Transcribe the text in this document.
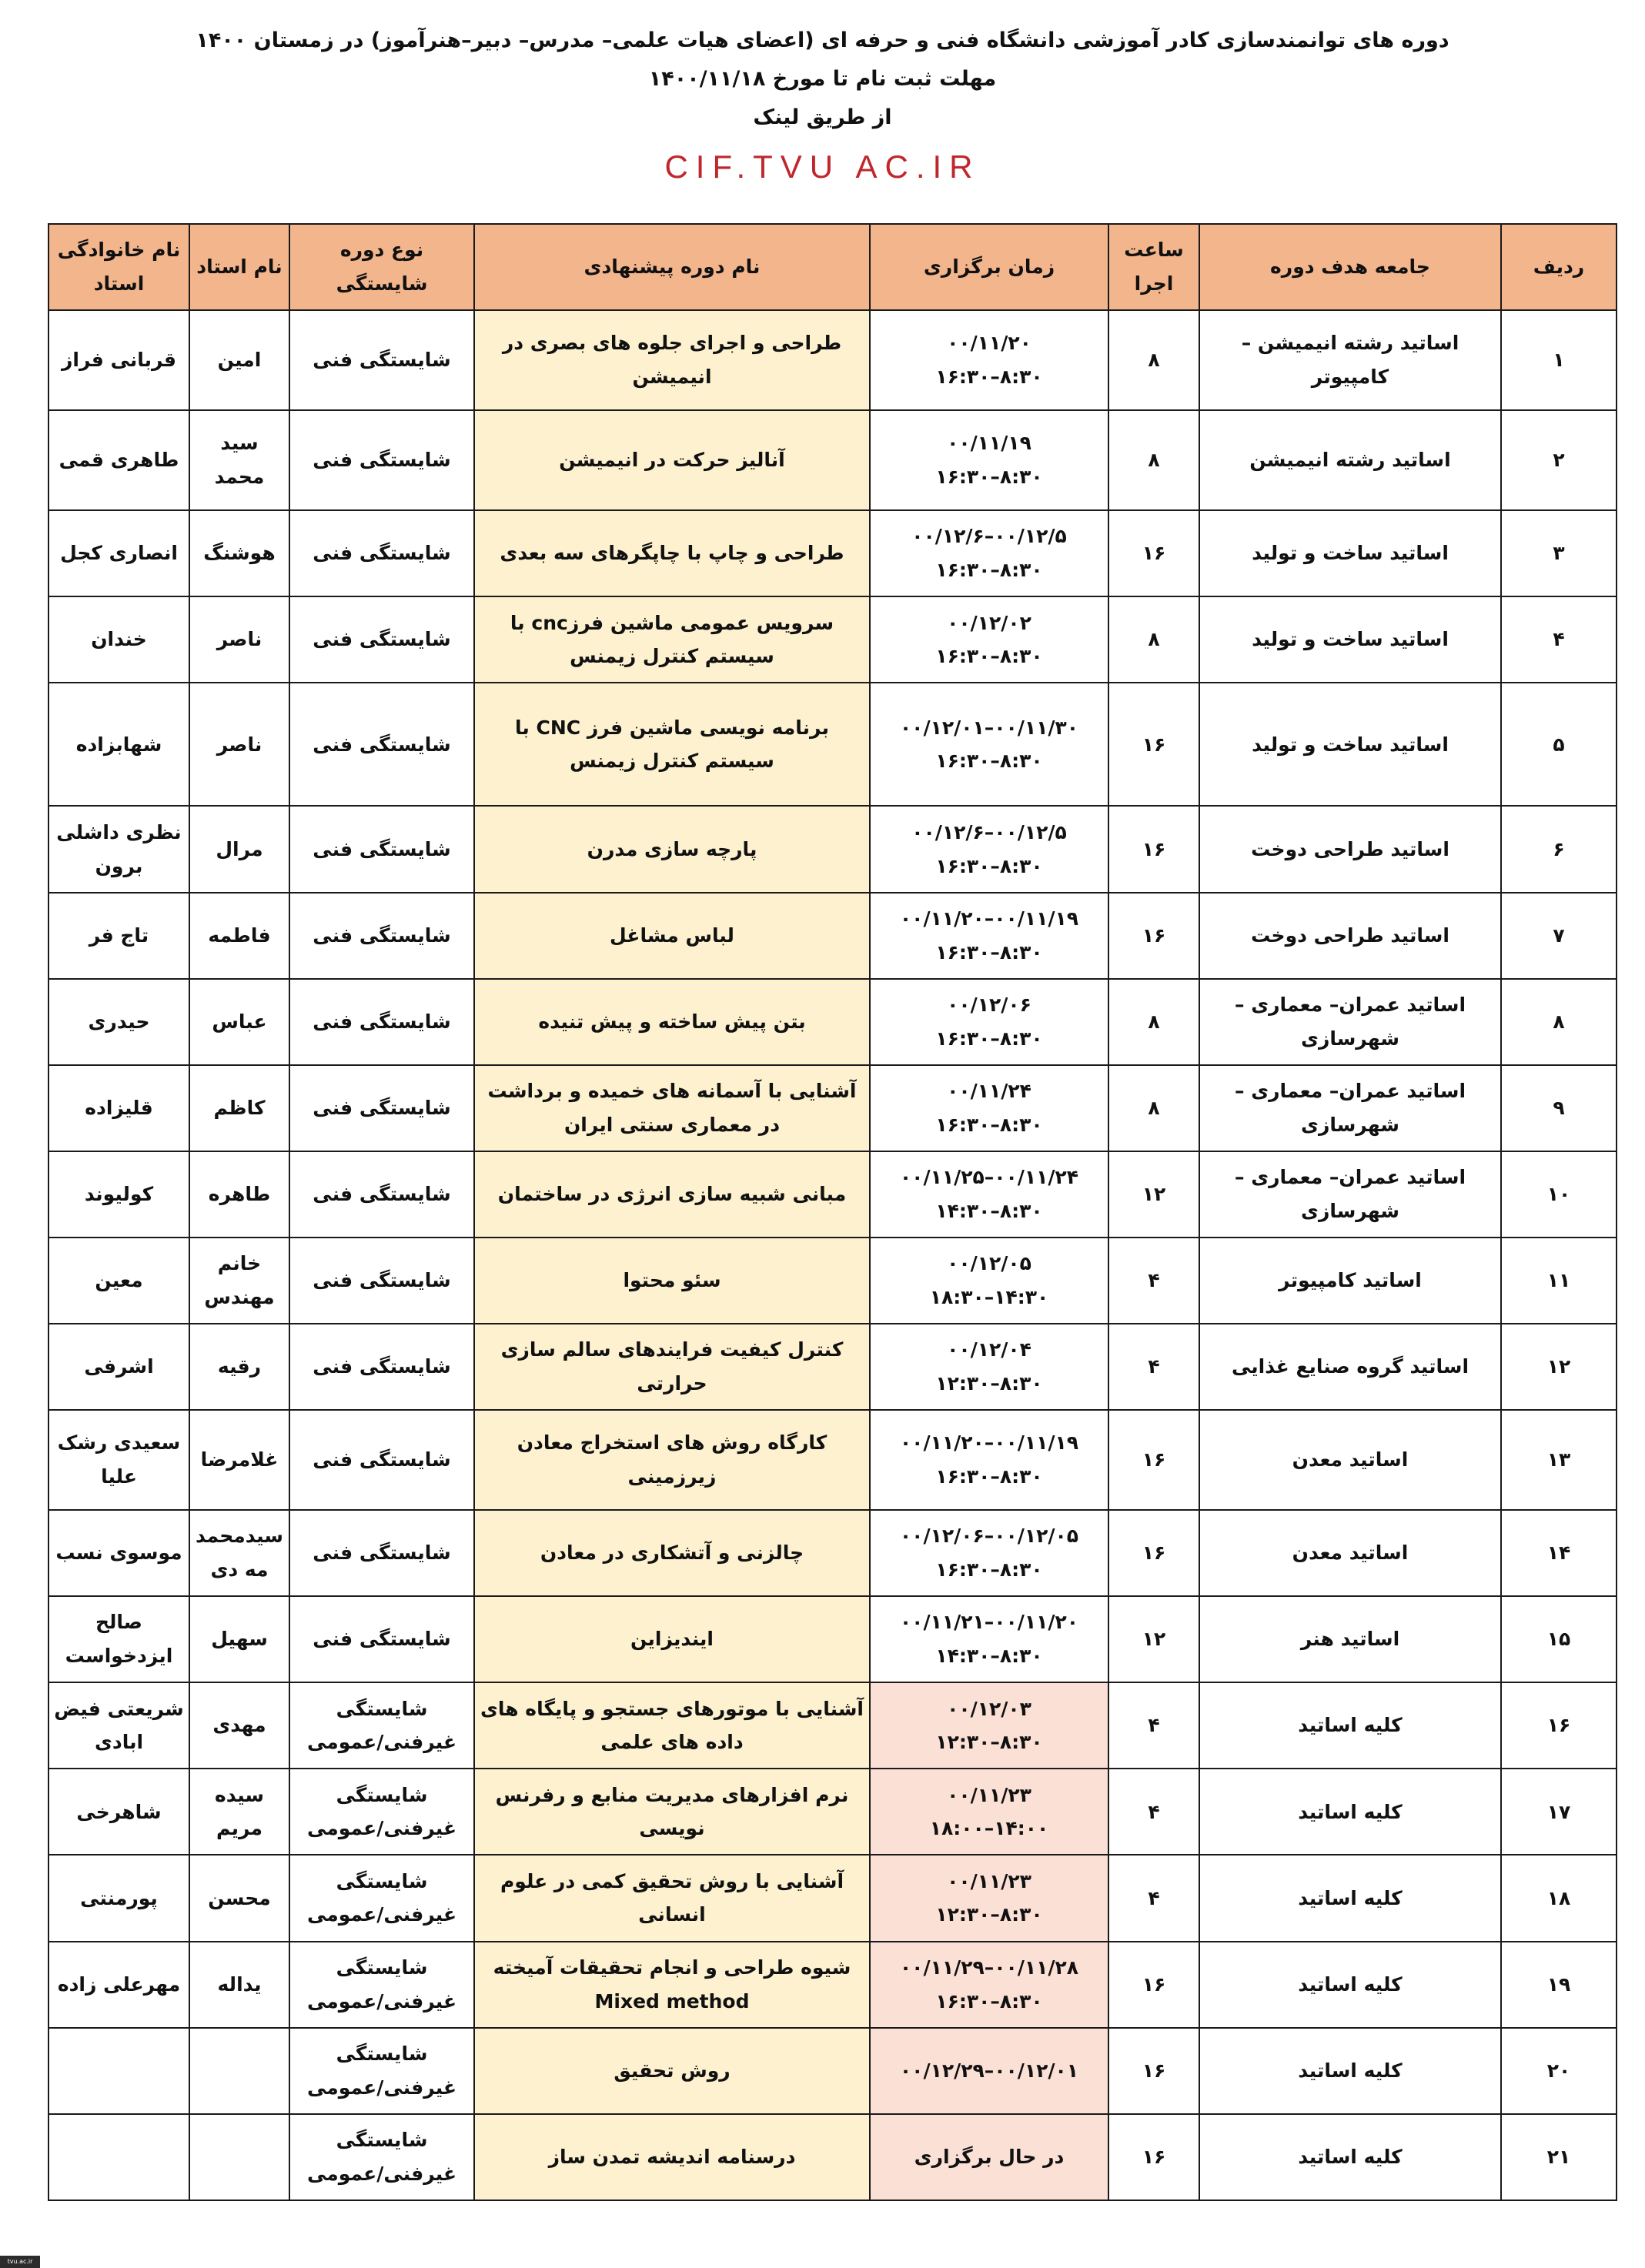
دوره های توانمندسازی کادر آموزشی دانشگاه فنی و حرفه ای (اعضای هیات علمی– مدرس– دبیر–هنرآموز) در زمستان ۱۴۰۰
مهلت ثبت نام تا مورخ ۱۴۰۰/۱۱/۱۸
از طریق لینک
CIF.TVU AC.IR
ردیف	جامعه هدف دوره	ساعت اجرا	زمان برگزاری	نام دوره پیشنهادی	نوع دوره شایستگی	نام استاد	نام خانوادگی استاد
۱	اساتید رشته انیمیشن –کامپیوتر	۸	۰۰/۱۱/۲۰
۸:۳۰–۱۶:۳۰	طراحی و اجرای جلوه های بصری در انیمیشن	شایستگی فنی	امین	قربانی فراز
۲	اساتید رشته انیمیشن	۸	۰۰/۱۱/۱۹
۸:۳۰–۱۶:۳۰	آنالیز حرکت در انیمیشن	شایستگی فنی	سید محمد	طاهری قمی
۳	اساتید ساخت و تولید	۱۶	۰۰/۱۲/۵–۰۰/۱۲/۶
۸:۳۰–۱۶:۳۰	طراحی و چاپ با چاپگرهای سه بعدی	شایستگی فنی	هوشنگ	انصاری کجل
۴	اساتید ساخت و تولید	۸	۰۰/۱۲/۰۲
۸:۳۰–۱۶:۳۰	سرویس عمومی ماشین فرزcnc با سیستم کنترل زیمنس	شایستگی فنی	ناصر	خندان
۵	اساتید ساخت و تولید	۱۶	۰۰/۱۱/۳۰–۰۰/۱۲/۰۱
۸:۳۰–۱۶:۳۰	برنامه نویسی ماشین فرز CNC با سیستم کنترل زیمنس	شایستگی فنی	ناصر	شهابزاده
۶	اساتید طراحی دوخت	۱۶	۰۰/۱۲/۵–۰۰/۱۲/۶
۸:۳۰–۱۶:۳۰	پارچه سازی مدرن	شایستگی فنی	مرال	نظری داشلی برون
۷	اساتید طراحی دوخت	۱۶	۰۰/۱۱/۱۹–۰۰/۱۱/۲۰
۸:۳۰–۱۶:۳۰	لباس مشاغل	شایستگی فنی	فاطمه	تاج فر
۸	اساتید عمران– معماری – شهرسازی	۸	۰۰/۱۲/۰۶
۸:۳۰–۱۶:۳۰	بتن پیش ساخته و پیش تنیده	شایستگی فنی	عباس	حیدری
۹	اساتید عمران– معماری – شهرسازی	۸	۰۰/۱۱/۲۴
۸:۳۰–۱۶:۳۰	آشنایی با آسمانه های خمیده و برداشت در معماری سنتی ایران	شایستگی فنی	کاظم	قلیزاده
۱۰	اساتید عمران– معماری – شهرسازی	۱۲	۰۰/۱۱/۲۴–۰۰/۱۱/۲۵
۸:۳۰–۱۴:۳۰	مبانی شبیه سازی انرژی در ساختمان	شایستگی فنی	طاهره	کولیوند
۱۱	اساتید کامپیوتر	۴	۰۰/۱۲/۰۵
۱۴:۳۰–۱۸:۳۰	سئو محتوا	شایستگی فنی	خانم مهندس	معین
۱۲	اساتید گروه صنایع غذایی	۴	۰۰/۱۲/۰۴
۸:۳۰–۱۲:۳۰	کنترل کیفیت فرایندهای سالم سازی حرارتی	شایستگی فنی	رقیه	اشرفی
۱۳	اساتید معدن	۱۶	۰۰/۱۱/۱۹–۰۰/۱۱/۲۰
۸:۳۰–۱۶:۳۰	کارگاه روش های استخراج معادن زیرزمینی	شایستگی فنی	غلامرضا	سعیدی رشک علیا
۱۴	اساتید معدن	۱۶	۰۰/۱۲/۰۵–۰۰/۱۲/۰۶
۸:۳۰–۱۶:۳۰	چالزنی و آتشکاری در معادن	شایستگی فنی	سیدمحمدمه دی	موسوی نسب
۱۵	اساتید هنر	۱۲	۰۰/۱۱/۲۰–۰۰/۱۱/۲۱
۸:۳۰–۱۴:۳۰	ایندیزاین	شایستگی فنی	سهیل	صالح ایزدخواست
۱۶	کلیه اساتید	۴	۰۰/۱۲/۰۳
۸:۳۰–۱۲:۳۰	آشنایی با موتورهای جستجو و پایگاه های داده های علمی	شایستگی غیرفنی/عمومی	مهدی	شریعتی فیض ابادی
۱۷	کلیه اساتید	۴	۰۰/۱۱/۲۳
۱۴:۰۰–۱۸:۰۰	نرم افزارهای مدیریت منابع و رفرنس نویسی	شایستگی غیرفنی/عمومی	سیده مریم	شاهرخی
۱۸	کلیه اساتید	۴	۰۰/۱۱/۲۳
۸:۳۰–۱۲:۳۰	آشنایی با روش تحقیق کمی در علوم انسانی	شایستگی غیرفنی/عمومی	محسن	پورمنتی
۱۹	کلیه اساتید	۱۶	۰۰/۱۱/۲۸–۰۰/۱۱/۲۹
۸:۳۰–۱۶:۳۰	شیوه طراحی و انجام تحقیقات آمیخته Mixed method	شایستگی غیرفنی/عمومی	یداله	مهرعلی زاده
۲۰	کلیه اساتید	۱۶	۰۰/۱۲/۰۱–۰۰/۱۲/۲۹	روش تحقیق	شایستگی غیرفنی/عمومی		
۲۱	کلیه اساتید	۱۶	در حال برگزاری	درسنامه اندیشه تمدن ساز	شایستگی غیرفنی/عمومی		
tvu.ac.ir
